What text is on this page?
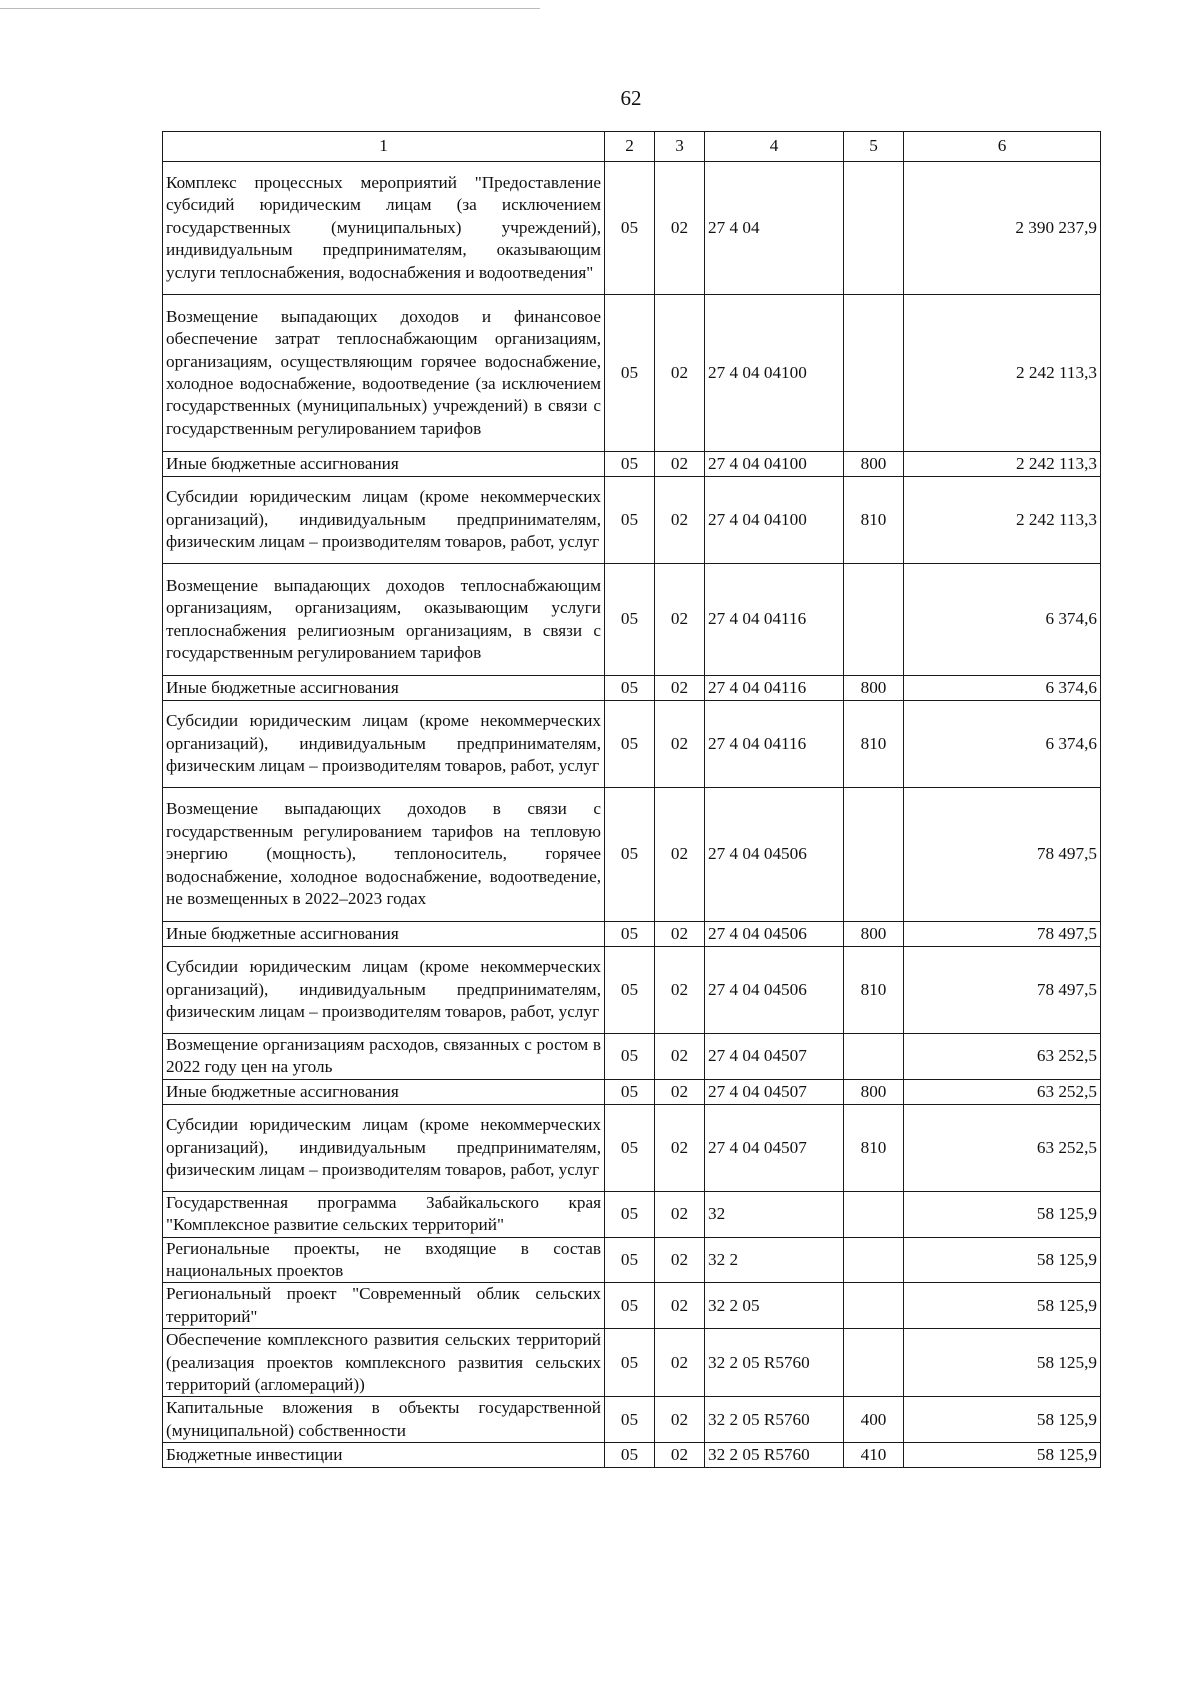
62
1	2	3	4	5	6
Комплекс процессных мероприятий "Предоставление субсидий юридическим лицам (за исключением государственных (муниципальных) учреждений), индивидуальным предпринимателям, оказывающим услуги теплоснабжения, водоснабжения и водоотведения"	05	02	27 4 04		2 390 237,9
Возмещение выпадающих доходов и финансовое обеспечение затрат теплоснабжающим организациям, организациям, осуществляющим горячее водоснабжение, холодное водоснабжение, водоотведение (за исключением государственных (муниципальных) учреждений) в связи с государственным регулированием тарифов	05	02	27 4 04 04100		2 242 113,3
Иные бюджетные ассигнования	05	02	27 4 04 04100	800	2 242 113,3
Субсидии юридическим лицам (кроме некоммерческих организаций), индивидуальным предпринимателям, физическим лицам – производителям товаров, работ, услуг	05	02	27 4 04 04100	810	2 242 113,3
Возмещение выпадающих доходов теплоснабжающим организациям, организациям, оказывающим услуги теплоснабжения религиозным организациям, в связи с государственным регулированием тарифов	05	02	27 4 04 04116		6 374,6
Иные бюджетные ассигнования	05	02	27 4 04 04116	800	6 374,6
Субсидии юридическим лицам (кроме некоммерческих организаций), индивидуальным предпринимателям, физическим лицам – производителям товаров, работ, услуг	05	02	27 4 04 04116	810	6 374,6
Возмещение выпадающих доходов в связи с государственным регулированием тарифов на тепловую энергию (мощность), теплоноситель, горячее водоснабжение, холодное водоснабжение, водоотведение, не возмещенных в 2022–2023 годах	05	02	27 4 04 04506		78 497,5
Иные бюджетные ассигнования	05	02	27 4 04 04506	800	78 497,5
Субсидии юридическим лицам (кроме некоммерческих организаций), индивидуальным предпринимателям, физическим лицам – производителям товаров, работ, услуг	05	02	27 4 04 04506	810	78 497,5
Возмещение организациям расходов, связанных с ростом в 2022 году цен на уголь	05	02	27 4 04 04507		63 252,5
Иные бюджетные ассигнования	05	02	27 4 04 04507	800	63 252,5
Субсидии юридическим лицам (кроме некоммерческих организаций), индивидуальным предпринимателям, физическим лицам – производителям товаров, работ, услуг	05	02	27 4 04 04507	810	63 252,5
Государственная программа Забайкальского края "Комплексное развитие сельских территорий"	05	02	32		58 125,9
Региональные проекты, не входящие в состав национальных проектов	05	02	32 2		58 125,9
Региональный проект "Современный облик сельских территорий"	05	02	32 2 05		58 125,9
Обеспечение комплексного развития сельских территорий (реализация проектов комплексного развития сельских территорий (агломераций))	05	02	32 2 05 R5760		58 125,9
Капитальные вложения в объекты государственной (муниципальной) собственности	05	02	32 2 05 R5760	400	58 125,9
Бюджетные инвестиции	05	02	32 2 05 R5760	410	58 125,9
